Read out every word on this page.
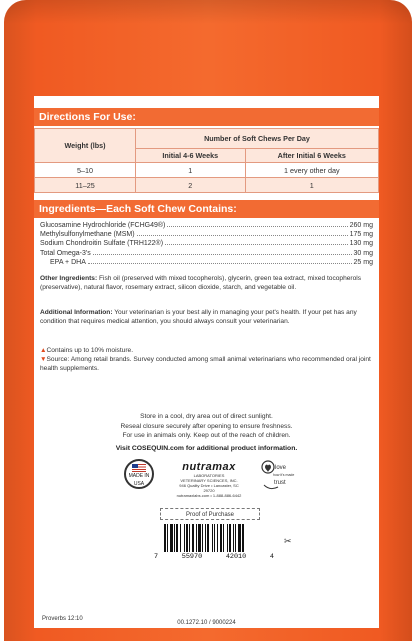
Directions For Use:
Weight (lbs)	Number of Soft Chews Per Day	
	Initial 4-6 Weeks	After Initial 6 Weeks
5–10	1	1 every other day
11–25	2	1
Ingredients—Each Soft Chew Contains:
Glucosamine Hydrochloride (FCHG49®)	260 mg
Methylsulfonylmethane (MSM)	175 mg
Sodium Chondroitin Sulfate (TRH122®)	130 mg
Total Omega-3's	30 mg
EPA + DHA	25 mg
Other Ingredients: Fish oil (preserved with mixed tocopherols), glycerin, green tea extract, mixed tocopherols (preservative), natural flavor, rosemary extract, silicon dioxide, starch, and vegetable oil.
Additional Information: Your veterinarian is your best ally in managing your pet's health. If your pet has any condition that requires medical attention, you should always consult your veterinarian.
▲Contains up to 10% moisture.
▼Source: Among retail brands. Survey conducted among small animal veterinarians who recommended oral joint health supplements.
Store in a cool, dry area out of direct sunlight.
Reseal closure securely after opening to ensure freshness.
For use in animals only. Keep out of the reach of children.
Visit COSEQUIN.com for additional product information.
MADE IN USA
nutramax
LABORATORIES
VETERINARY SCIENCES, INC.
946 Quality Drive • Lancaster, SC 29720
nutramaxlabs.com • 1-888-886-6442
love
how it's made
trust
Proof of Purchase
7	55970	42010	4
✂
Proverbs 12:10
00.1272.10 / 9000224
